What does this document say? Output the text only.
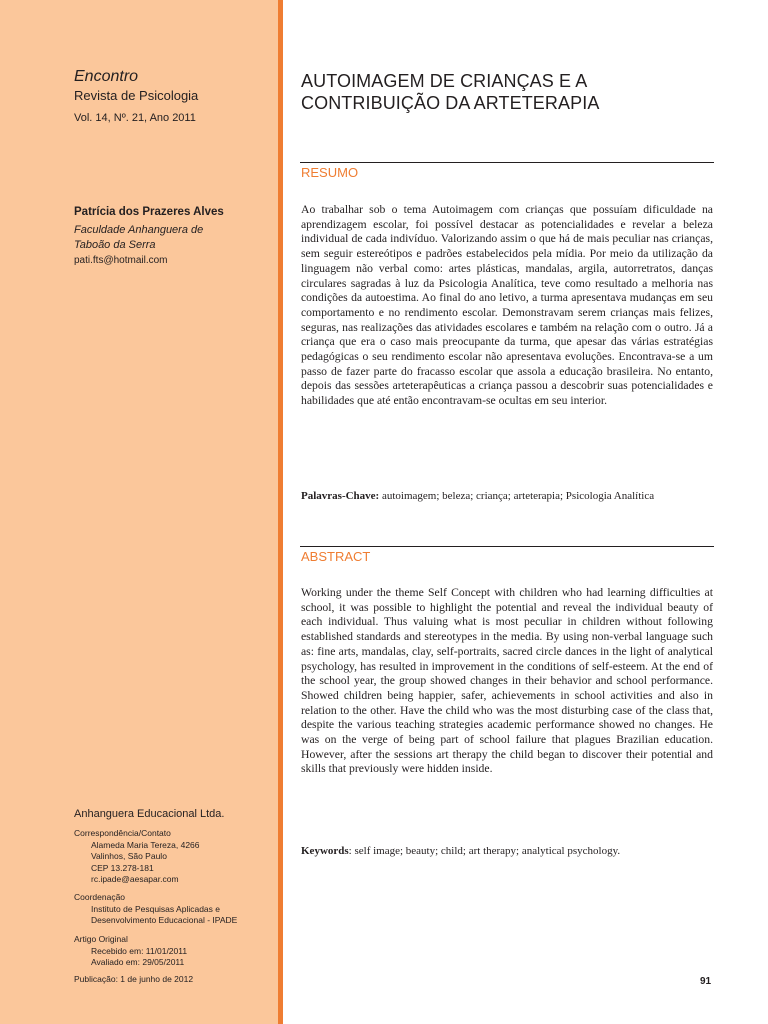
Encontro
Revista de Psicologia
Vol. 14, Nº. 21, Ano 2011
Patrícia dos Prazeres Alves
Faculdade Anhanguera de
Taboão da Serra
pati.fts@hotmail.com
Anhanguera Educacional Ltda.
Correspondência/Contato
Alameda Maria Tereza, 4266
Valinhos, São Paulo
CEP 13.278-181
rc.ipade@aesapar.com
Coordenação
Instituto de Pesquisas Aplicadas e
Desenvolvimento Educacional - IPADE
Artigo Original
Recebido em: 11/01/2011
Avaliado em: 29/05/2011
Publicação: 1 de junho de 2012
AUTOIMAGEM DE CRIANÇAS E A
CONTRIBUIÇÃO DA ARTETERAPIA
RESUMO
Ao trabalhar sob o tema Autoimagem com crianças que possuíam dificuldade na aprendizagem escolar, foi possível destacar as potencialidades e revelar a beleza individual de cada indivíduo. Valorizando assim o que há de mais peculiar nas crianças, sem seguir estereótipos e padrões estabelecidos pela mídia. Por meio da utilização da linguagem não verbal como: artes plásticas, mandalas, argila, autorretratos, danças circulares sagradas à luz da Psicologia Analítica, teve como resultado a melhoria nas condições da autoestima. Ao final do ano letivo, a turma apresentava mudanças em seu comportamento e no rendimento escolar. Demonstravam serem crianças mais felizes, seguras, nas realizações das atividades escolares e também na relação com o outro. Já a criança que era o caso mais preocupante da turma, que apesar das várias estratégias pedagógicas o seu rendimento escolar não apresentava evoluções. Encontrava-se a um passo de fazer parte do fracasso escolar que assola a educação brasileira. No entanto, depois das sessões arteterapêuticas a criança passou a descobrir suas potencialidades e habilidades que até então encontravam-se ocultas em seu interior.
Palavras-Chave: autoimagem; beleza; criança; arteterapia; Psicologia Analítica
ABSTRACT
Working under the theme Self Concept with children who had learning difficulties at school, it was possible to highlight the potential and reveal the individual beauty of each individual. Thus valuing what is most peculiar in children without following established standards and stereotypes in the media. By using non-verbal language such as: fine arts, mandalas, clay, self-portraits, sacred circle dances in the light of analytical psychology, has resulted in improvement in the conditions of self-esteem. At the end of the school year, the group showed changes in their behavior and school performance. Showed children being happier, safer, achievements in school activities and also in relation to the other. Have the child who was the most disturbing case of the class that, despite the various teaching strategies academic performance showed no changes. He was on the verge of being part of school failure that plagues Brazilian education. However, after the sessions art therapy the child began to discover their potential and skills that previously were hidden inside.
Keywords: self image; beauty; child; art therapy; analytical psychology.
91
